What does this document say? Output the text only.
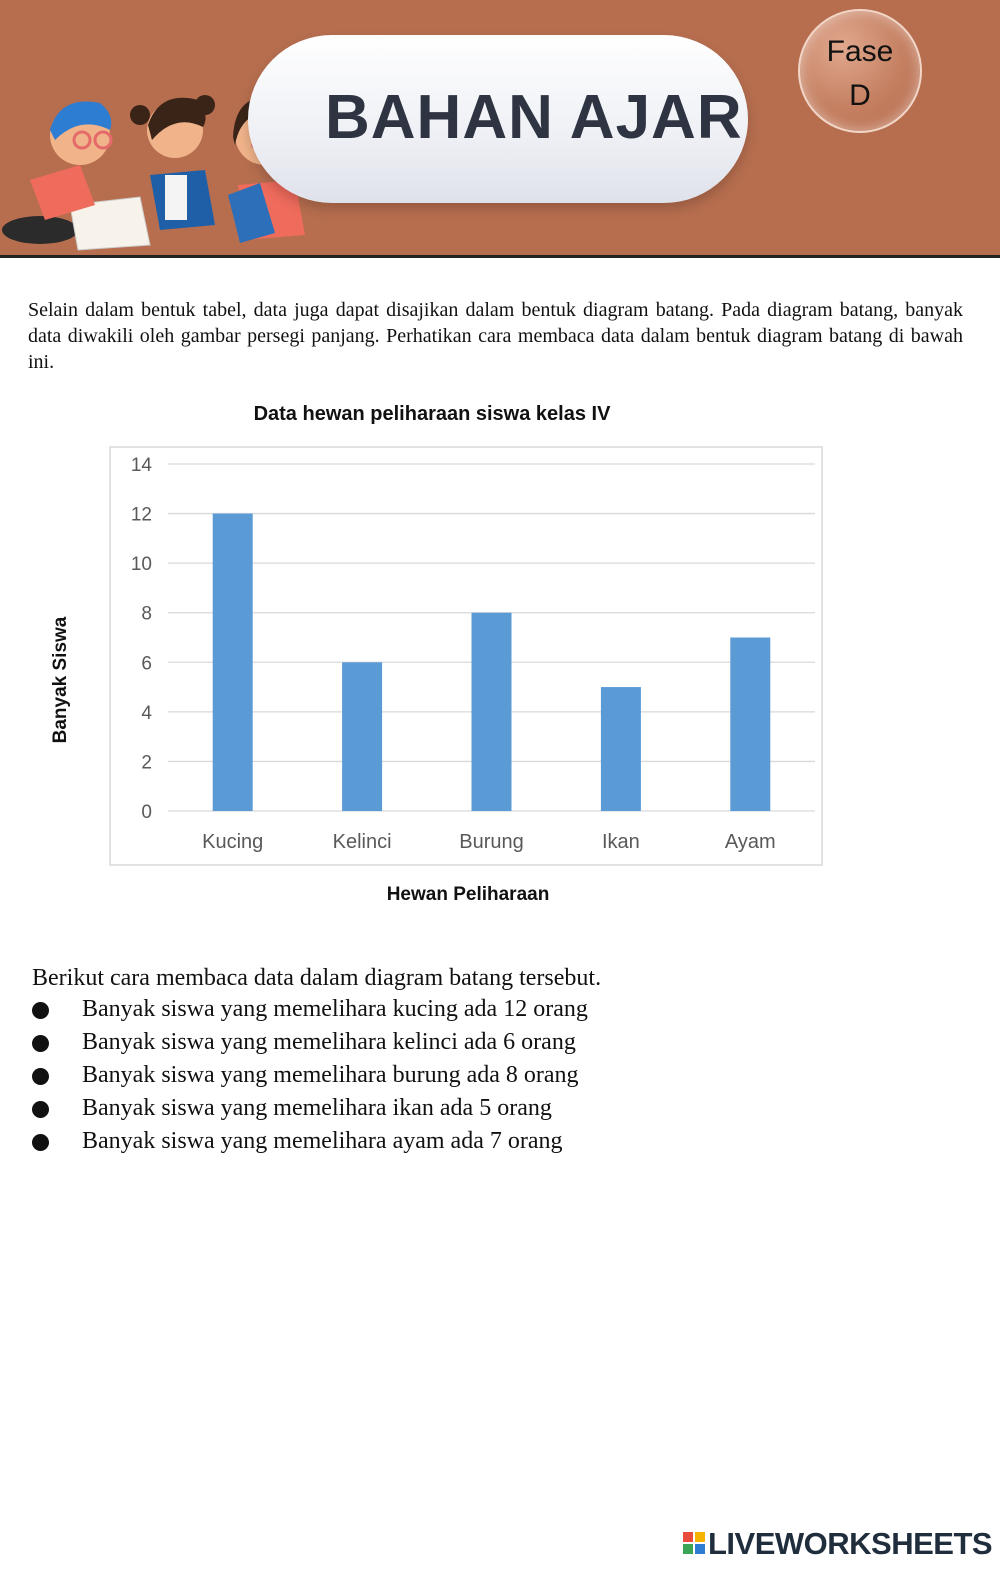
BAHAN AJAR
Fase
D
Selain dalam bentuk tabel, data juga dapat disajikan dalam bentuk diagram batang. Pada diagram batang, banyak data diwakili oleh gambar persegi panjang. Perhatikan cara membaca data dalam bentuk diagram batang di bawah ini.
Data hewan peliharaan siswa kelas IV
0
2
4
6
8
10
12
14
Kucing	Kelinci	Burung	Ikan	Ayam
Banyak Siswa
Hewan Peliharaan
Berikut cara membaca data dalam diagram batang tersebut.
Banyak siswa yang memelihara kucing ada 12 orang
Banyak siswa yang memelihara kelinci ada 6 orang
Banyak siswa yang memelihara burung ada 8 orang
Banyak siswa yang memelihara ikan ada 5 orang
Banyak siswa yang memelihara ayam ada 7 orang
LIVEWORKSHEETS
